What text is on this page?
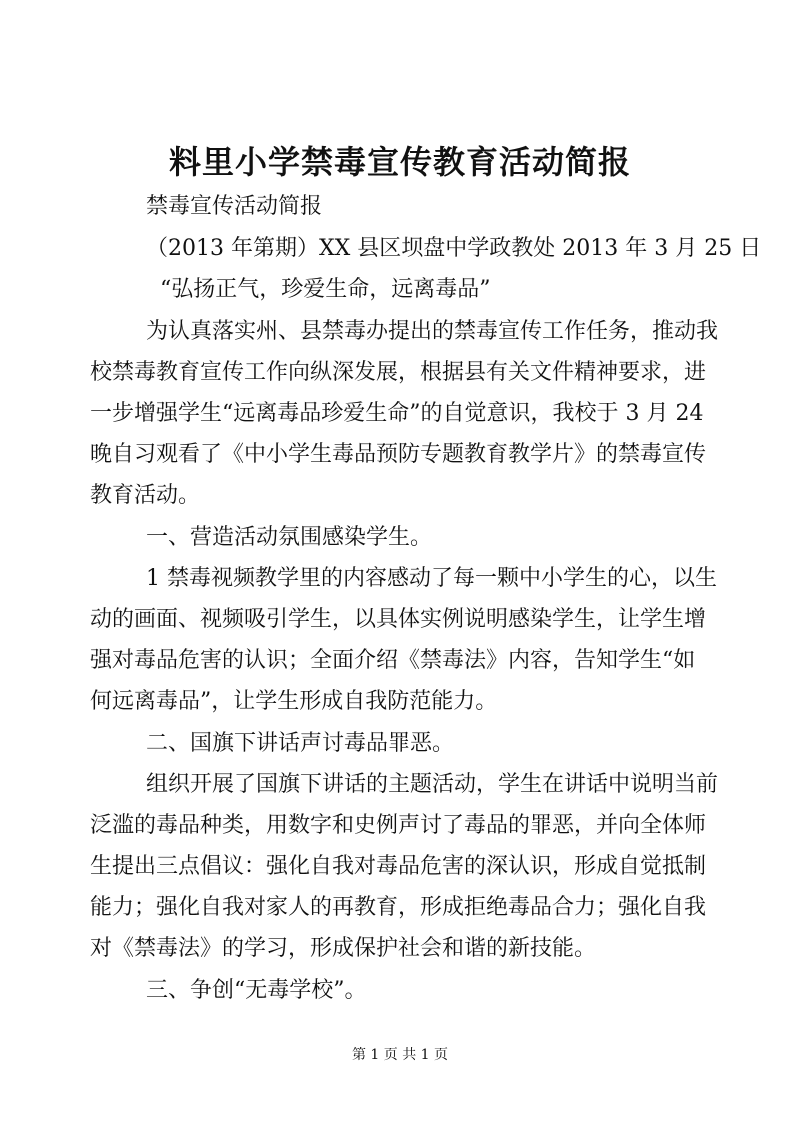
料里小学禁毒宣传教育活动简报
禁毒宣传活动简报
（2013 年第期）XX 县区坝盘中学政教处 2013 年 3 月 25 日
“弘扬正气，珍爱生命，远离毒品”
为认真落实州、县禁毒办提出的禁毒宣传工作任务，推动我
校禁毒教育宣传工作向纵深发展，根据县有关文件精神要求，进
一步增强学生“远离毒品珍爱生命”的自觉意识，我校于 3 月 24
晚自习观看了《中小学生毒品预防专题教育教学片》的禁毒宣传
教育活动。
一、营造活动氛围感染学生。
1 禁毒视频教学里的内容感动了每一颗中小学生的心，以生
动的画面、视频吸引学生，以具体实例说明感染学生，让学生增
强对毒品危害的认识；全面介绍《禁毒法》内容，告知学生“如
何远离毒品”，让学生形成自我防范能力。
二、国旗下讲话声讨毒品罪恶。
组织开展了国旗下讲话的主题活动，学生在讲话中说明当前
泛滥的毒品种类，用数字和史例声讨了毒品的罪恶，并向全体师
生提出三点倡议：强化自我对毒品危害的深认识，形成自觉抵制
能力；强化自我对家人的再教育，形成拒绝毒品合力；强化自我
对《禁毒法》的学习，形成保护社会和谐的新技能。
三、争创“无毒学校”。
第 1 页 共 1 页
